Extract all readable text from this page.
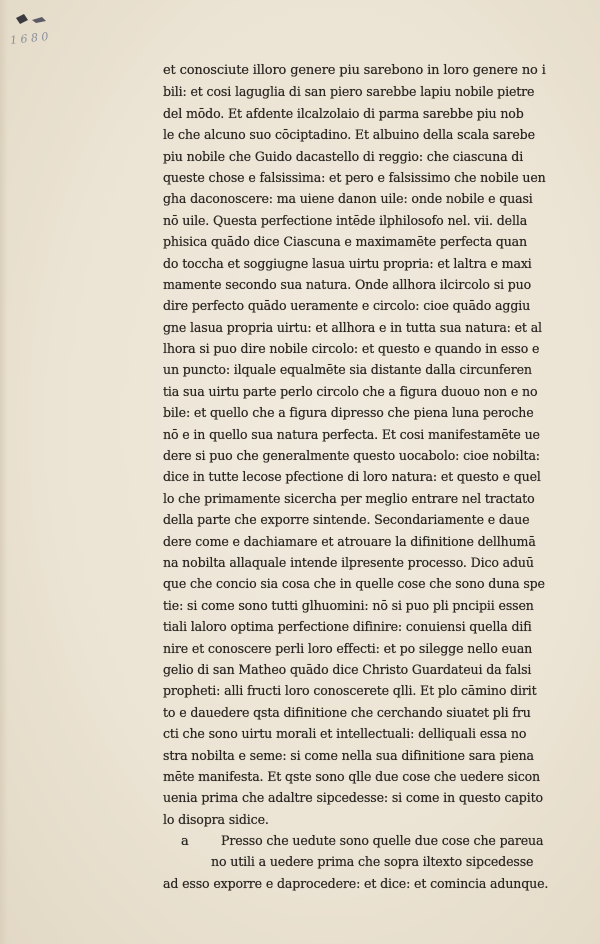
1 6 8 0
et conosciute illoro genere piu sarebono in loro genere no i
bili: et cosi laguglia di san piero sarebbe lapiu nobile pietre
del mōdo. Et afdente ilcalzolaio di parma sarebbe piu nob
le che alcuno suo cōciptadino. Et albuino della scala sarebe
piu nobile che Guido dacastello di reggio: che ciascuna di
queste chose e falsissima: et pero e falsissimo che nobile uen
gha daconoscere: ma uiene danon uile: onde nobile e quasi
nō uile. Questa perfectione intēde ilphilosofo nel. vii. della
phisica quādo dice Ciascuna e maximamēte perfecta quan
do toccha et soggiugne lasua uirtu propria: et laltra e maxi
mamente secondo sua natura. Onde allhora ilcircolo si puo
dire perfecto quādo ueramente e circolo: cioe quādo aggiu
gne lasua propria uirtu: et allhora e in tutta sua natura: et al
lhora si puo dire nobile circolo: et questo e quando in esso e
un puncto: ilquale equalmēte sia distante dalla circunferen
tia sua uirtu parte perlo circolo che a figura duouo non e no
bile: et quello che a figura dipresso che piena luna peroche
nō e in quello sua natura perfecta. Et cosi manifestamēte ue
dere si puo che generalmente questo uocabolo: cioe nobilta:
dice in tutte lecose pfectione di loro natura: et questo e quel
lo che primamente sicercha per meglio entrare nel tractato
della parte che exporre sintende. Secondariamente e daue
dere come e dachiamare et atrouare la difinitione dellhumā
na nobilta allaquale intende ilpresente processo. Dico aduū
que che concio sia cosa che in quelle cose che sono duna spe
tie: si come sono tutti glhuomini: nō si puo pli pncipii essen
tiali laloro optima perfectione difinire: conuiensi quella difi
nire et conoscere perli loro effecti: et po silegge nello euan
gelio di san Matheo quādo dice Christo Guardateui da falsi
propheti: alli fructi loro conoscerete qlli. Et plo cāmino dirit
to e dauedere qsta difinitione che cerchando siuatet pli fru
cti che sono uirtu morali et intellectuali: delliquali essa no
stra nobilta e seme: si come nella sua difinitione sara piena
mēte manifesta. Et qste sono qlle due cose che uedere sicon
uenia prima che adaltre sipcedesse: si come in questo capito
lo disopra sidice.
a	Presso che uedute sono quelle due cose che pareua
no utili a uedere prima che sopra iltexto sipcedesse
ad esso exporre e daprocedere: et dice: et comincia adunque.
